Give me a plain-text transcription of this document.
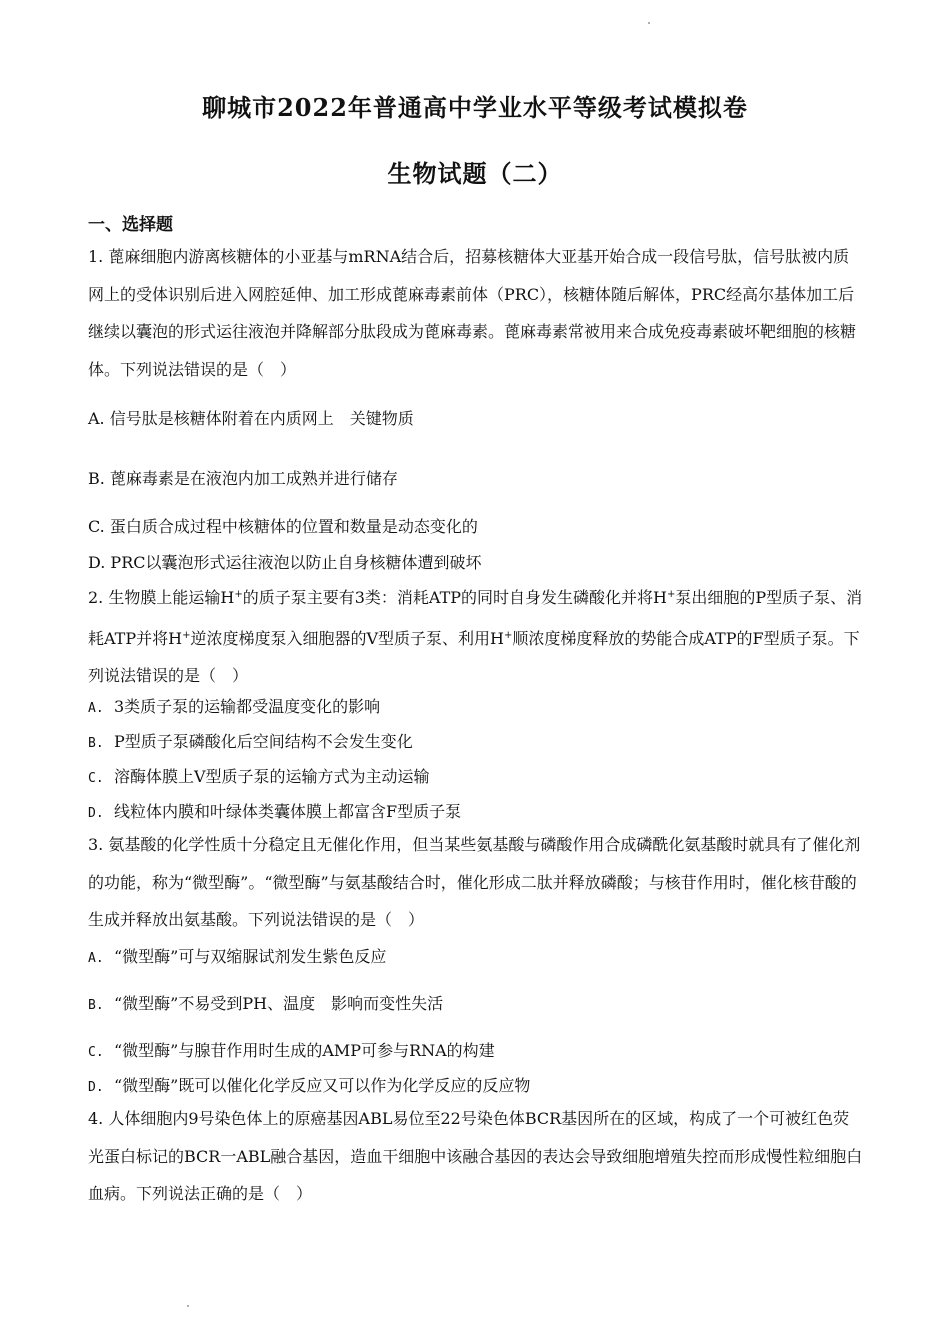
聊城市2022年普通高中学业水平等级考试模拟卷
生物试题（二）
一、选择题
1. 蓖麻细胞内游离核糖体的小亚基与mRNA结合后，招募核糖体大亚基开始合成一段信号肽，信号肽被内质网上的受体识别后进入网腔延伸、加工形成蓖麻毒素前体（PRC），核糖体随后解体，PRC经高尔基体加工后继续以囊泡的形式运往液泡并降解部分肽段成为蓖麻毒素。蓖麻毒素常被用来合成免疫毒素破坏靶细胞的核糖体。下列说法错误的是（　）
A. 信号肽是核糖体附着在内质网上　关键物质
B. 蓖麻毒素是在液泡内加工成熟并进行储存
C. 蛋白质合成过程中核糖体的位置和数量是动态变化的
D. PRC以囊泡形式运往液泡以防止自身核糖体遭到破坏
2. 生物膜上能运输H+的质子泵主要有3类：消耗ATP的同时自身发生磷酸化并将H+泵出细胞的P型质子泵、消耗ATP并将H+逆浓度梯度泵入细胞器的V型质子泵、利用H+顺浓度梯度释放的势能合成ATP的F型质子泵。下列说法错误的是（　）
A. 3类质子泵的运输都受温度变化的影响
B. P型质子泵磷酸化后空间结构不会发生变化
C. 溶酶体膜上V型质子泵的运输方式为主动运输
D. 线粒体内膜和叶绿体类囊体膜上都富含F型质子泵
3. 氨基酸的化学性质十分稳定且无催化作用，但当某些氨基酸与磷酸作用合成磷酰化氨基酸时就具有了催化剂的功能，称为“微型酶”。“微型酶”与氨基酸结合时，催化形成二肽并释放磷酸；与核苷作用时，催化核苷酸的生成并释放出氨基酸。下列说法错误的是（　）
A. “微型酶”可与双缩脲试剂发生紫色反应
B. “微型酶”不易受到PH、温度　影响而变性失活
C. “微型酶”与腺苷作用时生成的AMP可参与RNA的构建
D. “微型酶”既可以催化化学反应又可以作为化学反应的反应物
4. 人体细胞内9号染色体上的原癌基因ABL易位至22号染色体BCR基因所在的区域，构成了一个可被红色荧光蛋白标记的BCR一ABL融合基因，造血干细胞中该融合基因的表达会导致细胞增殖失控而形成慢性粒细胞白血病。下列说法正确的是（　）
